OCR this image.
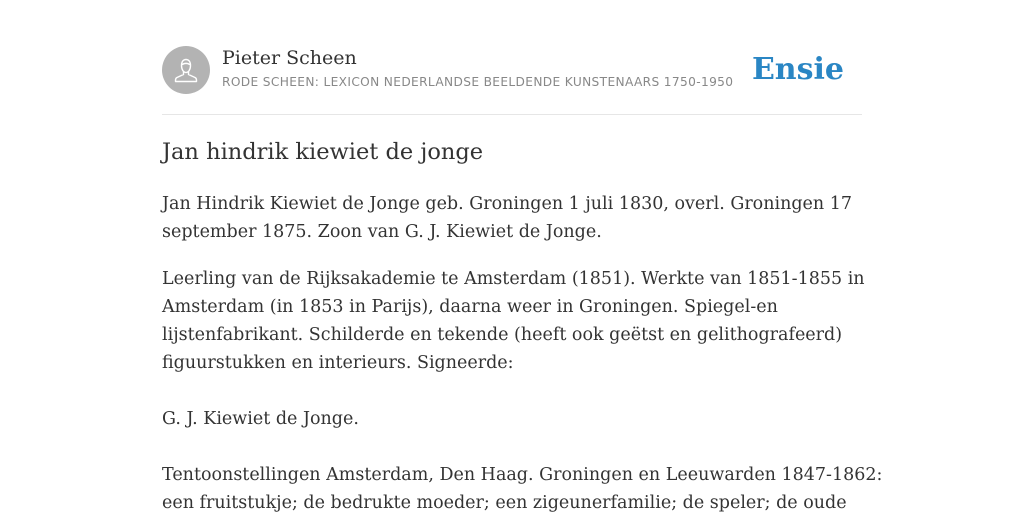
Pieter Scheen
RODE SCHEEN: LEXICON NEDERLANDSE BEELDENDE KUNSTENAARS 1750-1950 Ensie
Jan hindrik kiewiet de jonge

Jan Hindrik Kiewiet de Jonge geb. Groningen 1 juli 1830, overl. Groningen 17
september 1875. Zoon van G. J. Kiewiet de Jonge.

Leerling van de Rijksakademie te Amsterdam (1851). Werkte van 1851-1855 in
Amsterdam (in 1853 in Parijs), daarna weer in Groningen. Spiegel-en
lijstenfabrikant. Schilderde en tekende (heeft ook geëtst en gelithografeerd)
figuurstukken en interieurs. Signeerde:
G. J. Kiewiet de Jonge.
Tentoonstellingen Amsterdam, Den Haag. Groningen en Leeuwarden 1847-1862:
een fruitstukje; de bedrukte moeder; een zigeunerfamilie; de speler; de oude
